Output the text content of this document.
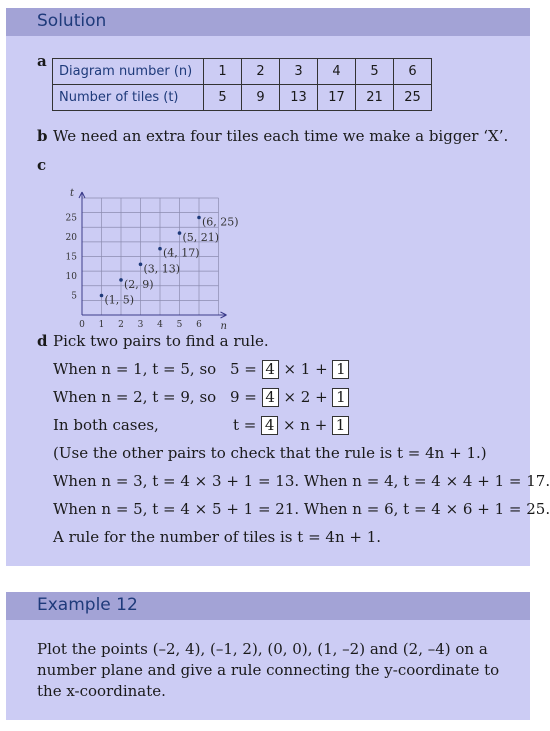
Solution
a
Diagram number (n)	1	2	3	4	5	6
Number of tiles (t)	5	9	13	17	21	25
b We need an extra four tiles each time we make a bigger ‘X’.
c
n
t
0 1 2 3 4 5 6
5
10
15
20
25
(1, 5)
(2, 9)
(3, 13)
(4, 17)
(5, 21)
(6, 25)
d Pick two pairs to find a rule.
When n = 1, t = 5, so 5 = 4 × 1 + 1
When n = 2, t = 9, so 9 = 4 × 2 + 1
In both cases,	t = 4 × n + 1
(Use the other pairs to check that the rule is t = 4n + 1.)
When n = 3, t = 4 × 3 + 1 = 13. When n = 4, t = 4 × 4 + 1 = 17.
When n = 5, t = 4 × 5 + 1 = 21. When n = 6, t = 4 × 6 + 1 = 25.
A rule for the number of tiles is t = 4n + 1.
Example 12
Plot the points (–2, 4), (–1, 2), (0, 0), (1, –2) and (2, –4) on a
number plane and give a rule connecting the y-coordinate to
the x-coordinate.
